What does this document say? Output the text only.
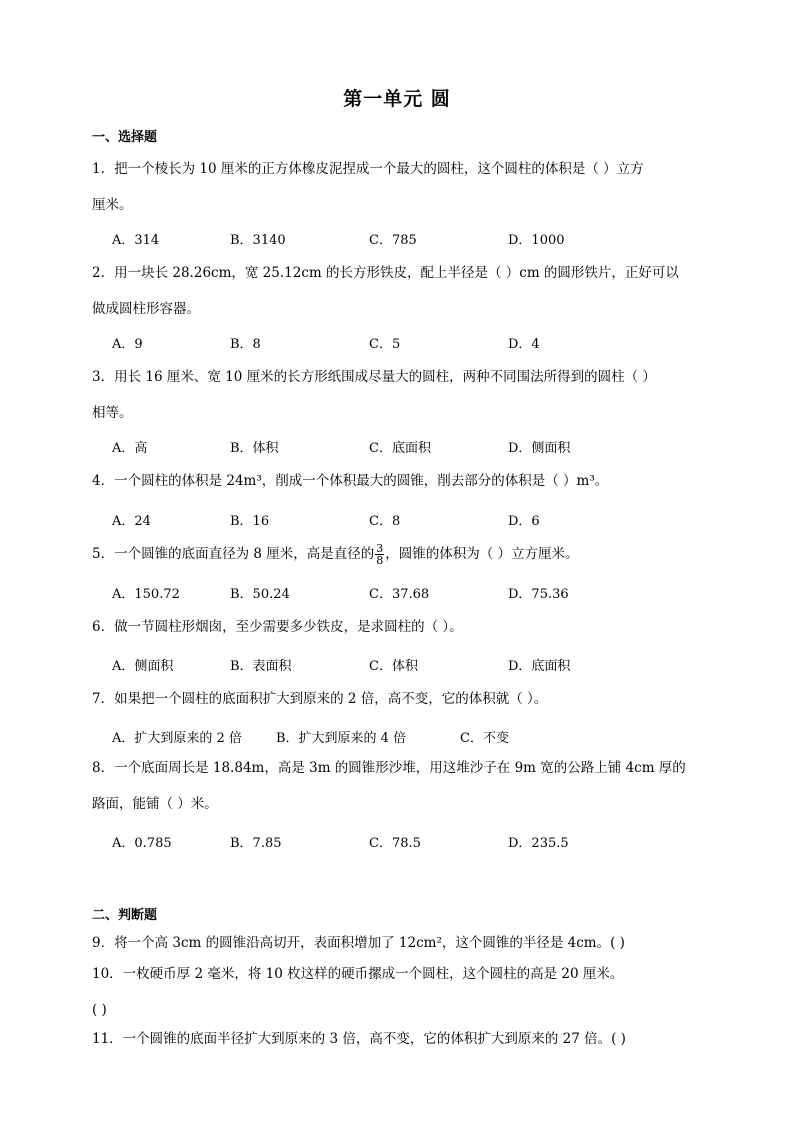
第一单元 圆
一、选择题
1．把一个棱长为 10 厘米的正方体橡皮泥捏成一个最大的圆柱，这个圆柱的体积是（ ）立方
厘米。
A．314	B．3140	C．785	D．1000
2．用一块长 28.26cm，宽 25.12cm 的长方形铁皮，配上半径是（ ）cm 的圆形铁片，正好可以
做成圆柱形容器。
A．9	B．8	C．5	D．4
3．用长 16 厘米、宽 10 厘米的长方形纸围成尽量大的圆柱，两种不同围法所得到的圆柱（ ）
相等。
A．高	B．体积	C．底面积	D．侧面积
4．一个圆柱的体积是 24m³，削成一个体积最大的圆锥，削去部分的体积是（ ）m³。
A．24	B．16	C．8	D．6
5．一个圆锥的底面直径为 8 厘米，高是直径的 $\frac{3}{8}$ ，圆锥的体积为（ ）立方厘米。
A．150.72	B．50.24	C．37.68	D．75.36
6．做一节圆柱形烟囱，至少需要多少铁皮，是求圆柱的（ ）。
A．侧面积	B．表面积	C．体积	D．底面积
7．如果把一个圆柱的底面积扩大到原来的 2 倍，高不变，它的体积就（ ）。
A．扩大到原来的 2 倍	B．扩大到原来的 4 倍	C．不变
8．一个底面周长是 18.84m，高是 3m 的圆锥形沙堆，用这堆沙子在 9m 宽的公路上铺 4cm 厚的
路面，能铺（ ）米。
A．0.785	B．7.85	C．78.5	D．235.5
二、判断题
9．将一个高 3cm 的圆锥沿高切开，表面积增加了 12cm²，这个圆锥的半径是 4cm。( )
10．一枚硬币厚 2 毫米，将 10 枚这样的硬币摞成一个圆柱，这个圆柱的高是 20 厘米。
( )
11．一个圆锥的底面半径扩大到原来的 3 倍，高不变，它的体积扩大到原来的 27 倍。( )
